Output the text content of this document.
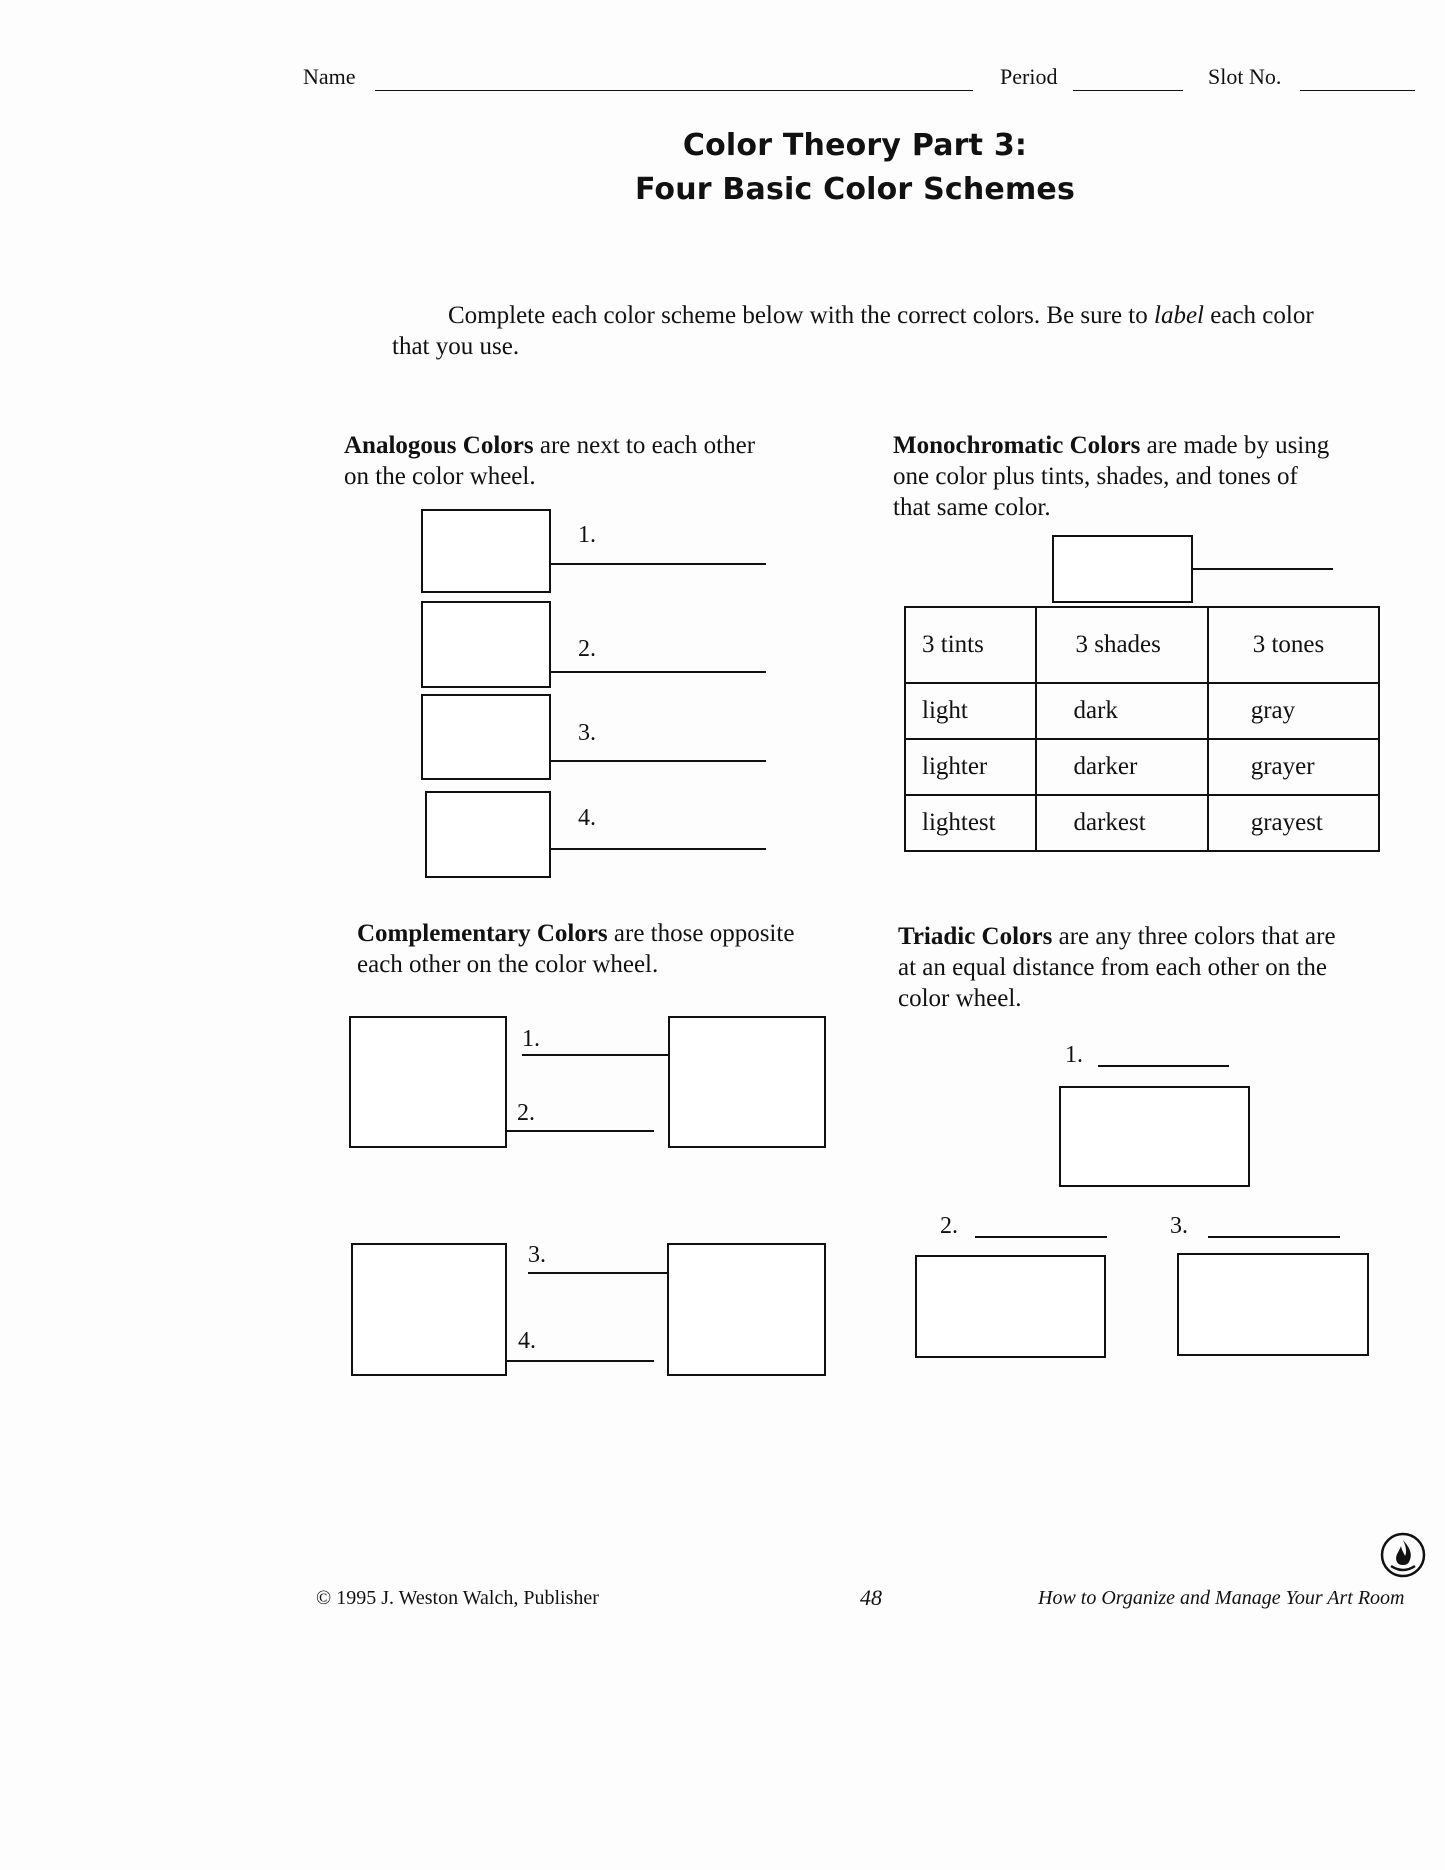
Name	Period	Slot No.
Color Theory Part 3:
Four Basic Color Schemes
Complete each color scheme below with the correct colors. Be sure to label each color that you use.
Analogous Colors are next to each other
on the color wheel.
1.
2.
3.
4.
Monochromatic Colors are made by using
one color plus tints, shades, and tones of
that same color.
3 tints	3 shades	3 tones
light	dark	gray
lighter	darker	grayer
lightest	darkest	grayest
Complementary Colors are those opposite
each other on the color wheel.
1.
2.
3.
4.
Triadic Colors are any three colors that are
at an equal distance from each other on the
color wheel.
1.
2.	3.
© 1995 J. Weston Walch, Publisher	48	How to Organize and Manage Your Art Room
